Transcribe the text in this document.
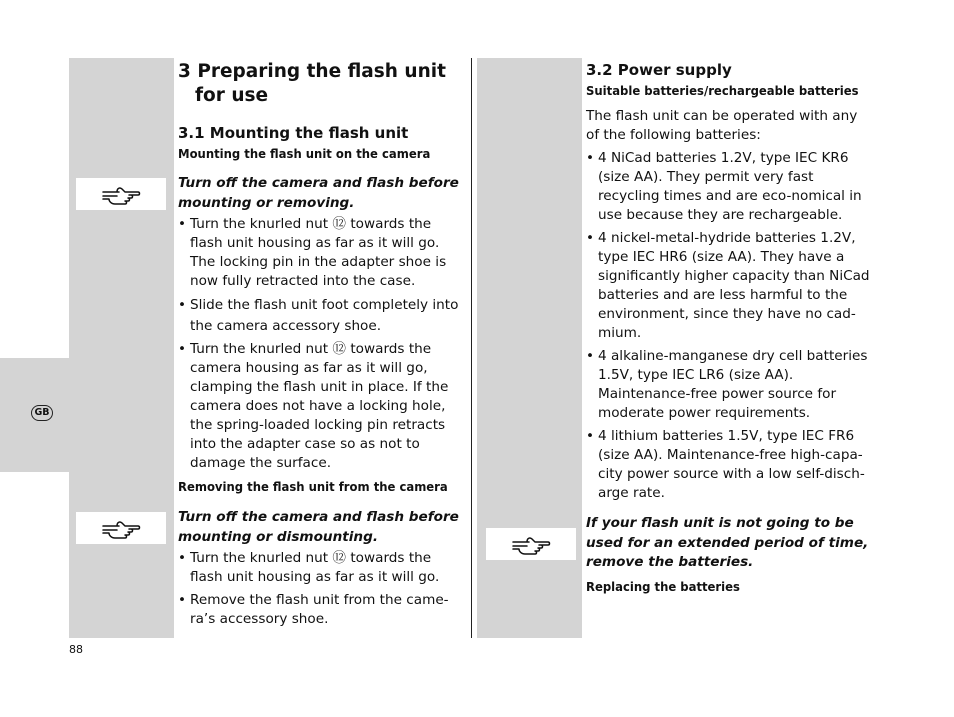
GB
3 Preparing the flash unit
for use
3.1 Mounting the flash unit
Mounting the flash unit on the camera

Turn off the camera and flash before mounting or removing.

• Turn the knurled nut ⑫ towards the flash unit housing as far as it will go. The locking pin in the adapter shoe is now fully retracted into the case.
• Slide the flash unit foot completely into the camera accessory shoe.
• Turn the knurled nut ⑫ towards the camera housing as far as it will go, clamping the flash unit in place. If the camera does not have a locking hole, the spring-loaded locking pin retracts into the adapter case so as not to damage the surface.
Removing the flash unit from the camera

Turn off the camera and flash before mounting or dismounting.

• Turn the knurled nut ⑫ towards the flash unit housing as far as it will go.
• Remove the flash unit from the came-ra’s accessory shoe.
3.2 Power supply
Suitable batteries/rechargeable batteries

The flash unit can be operated with any of the following batteries:

• 4 NiCad batteries 1.2V, type IEC KR6 (size AA). They permit very fast recycling times and are eco-nomical in use because they are rechargeable.
• 4 nickel-metal-hydride batteries 1.2V, type IEC HR6 (size AA). They have a significantly higher capacity than NiCad batteries and are less harmful to the environment, since they have no cad-mium.
• 4 alkaline-manganese dry cell batteries 1.5V, type IEC LR6 (size AA). Maintenance-free power source for moderate power requirements.
• 4 lithium batteries 1.5V, type IEC FR6 (size AA). Maintenance-free high-capa-city power source with a low self-disch-arge rate.

If your flash unit is not going to be used for an extended period of time, remove the batteries.

Replacing the batteries
88
